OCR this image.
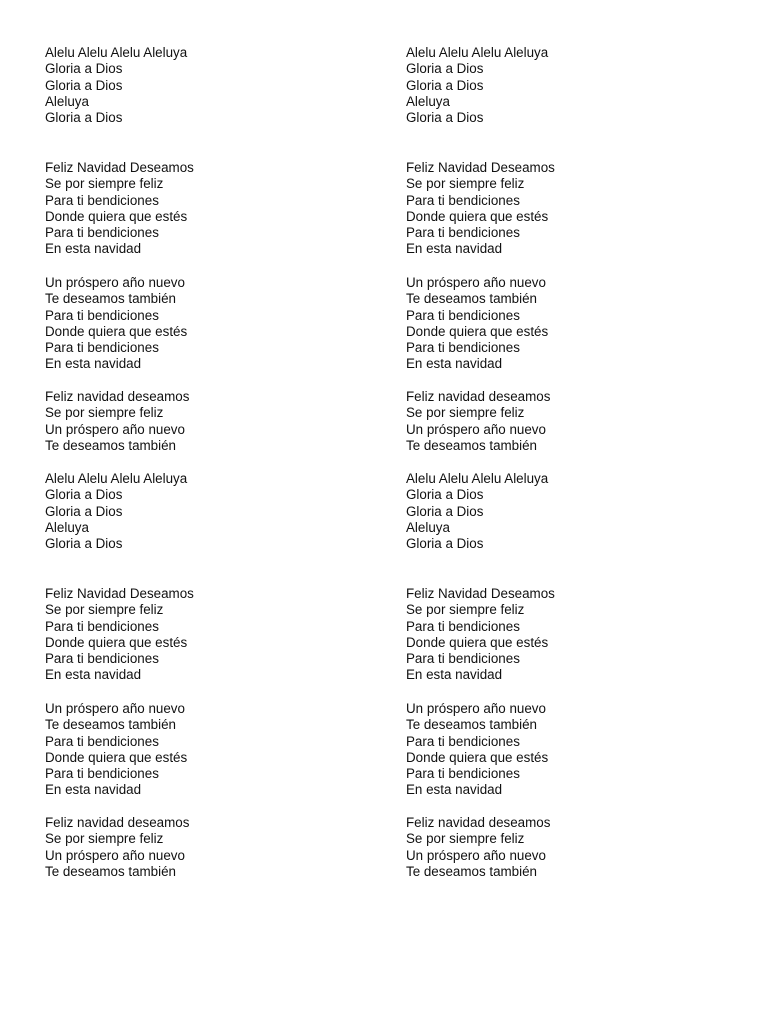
Alelu Alelu Alelu Aleluya
Gloria a Dios
Gloria a Dios
Aleluya
Gloria a Dios
Feliz Navidad Deseamos
Se por siempre feliz
Para ti bendiciones
Donde quiera que estés
Para ti bendiciones
En esta navidad
Un próspero año nuevo
Te deseamos también
Para ti bendiciones
Donde quiera que estés
Para ti bendiciones
En esta navidad
Feliz navidad deseamos
Se por siempre feliz
Un próspero año nuevo
Te deseamos también
Alelu Alelu Alelu Aleluya
Gloria a Dios
Gloria a Dios
Aleluya
Gloria a Dios
Feliz Navidad Deseamos
Se por siempre feliz
Para ti bendiciones
Donde quiera que estés
Para ti bendiciones
En esta navidad
Un próspero año nuevo
Te deseamos también
Para ti bendiciones
Donde quiera que estés
Para ti bendiciones
En esta navidad
Feliz navidad deseamos
Se por siempre feliz
Un próspero año nuevo
Te deseamos también
Alelu Alelu Alelu Aleluya
Gloria a Dios
Gloria a Dios
Aleluya
Gloria a Dios
Feliz Navidad Deseamos
Se por siempre feliz
Para ti bendiciones
Donde quiera que estés
Para ti bendiciones
En esta navidad
Un próspero año nuevo
Te deseamos también
Para ti bendiciones
Donde quiera que estés
Para ti bendiciones
En esta navidad
Feliz navidad deseamos
Se por siempre feliz
Un próspero año nuevo
Te deseamos también
Alelu Alelu Alelu Aleluya
Gloria a Dios
Gloria a Dios
Aleluya
Gloria a Dios
Feliz Navidad Deseamos
Se por siempre feliz
Para ti bendiciones
Donde quiera que estés
Para ti bendiciones
En esta navidad
Un próspero año nuevo
Te deseamos también
Para ti bendiciones
Donde quiera que estés
Para ti bendiciones
En esta navidad
Feliz navidad deseamos
Se por siempre feliz
Un próspero año nuevo
Te deseamos también
